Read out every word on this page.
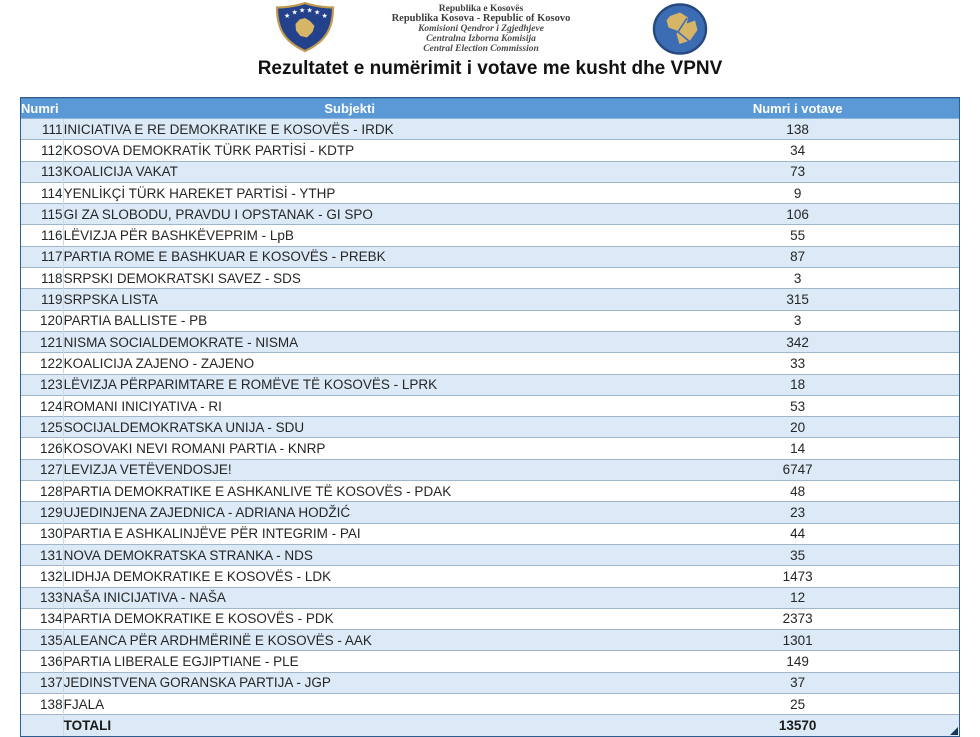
★ ★ ★ ★ ★ ★
Republika e Kosovës
Republika Kosova - Republic of Kosovo
Komisioni Qendror i Zgjedhjeve
Centralna Izborna Komisija
Central Election Commission
Rezultatet e numërimit i votave me kusht dhe VPNV
Numri	Subjekti	Numri i votave
111	INICIATIVA E RE DEMOKRATIKE E KOSOVËS - IRDK	138
112	KOSOVA DEMOKRATİK TÜRK PARTİSİ - KDTP	34
113	KOALICIJA VAKAT	73
114	YENLİKÇİ TÜRK HAREKET PARTİSİ - YTHP	9
115	GI ZA SLOBODU, PRAVDU I OPSTANAK - GI SPO	106
116	LËVIZJA PËR BASHKËVEPRIM - LpB	55
117	PARTIA ROME E BASHKUAR E KOSOVËS - PREBK	87
118	SRPSKI DEMOKRATSKI SAVEZ - SDS	3
119	SRPSKA LISTA	315
120	PARTIA BALLISTE - PB	3
121	NISMA SOCIALDEMOKRATE - NISMA	342
122	KOALICIJA ZAJENO - ZAJENO	33
123	LËVIZJA PËRPARIMTARE E ROMËVE TË KOSOVËS - LPRK	18
124	ROMANI INICIYATIVA - RI	53
125	SOCIJALDEMOKRATSKA UNIJA - SDU	20
126	KOSOVAKI NEVI ROMANI PARTIA - KNRP	14
127	LEVIZJA VETËVENDOSJE!	6747
128	PARTIA DEMOKRATIKE E ASHKANLIVE TË KOSOVËS - PDAK	48
129	UJEDINJENA ZAJEDNICA - ADRIANA HODŽIĆ	23
130	PARTIA E ASHKALINJËVE PËR INTEGRIM - PAI	44
131	NOVA DEMOKRATSKA STRANKA - NDS	35
132	LIDHJA DEMOKRATIKE E KOSOVËS - LDK	1473
133	NAŠA INICIJATIVA - NAŠA	12
134	PARTIA DEMOKRATIKE E KOSOVËS - PDK	2373
135	ALEANCA PËR ARDHMËRINË E KOSOVËS - AAK	1301
136	PARTIA LIBERALE EGJIPTIANE - PLE	149
137	JEDINSTVENA GORANSKA PARTIJA - JGP	37
138	FJALA	25
	TOTALI	13570
